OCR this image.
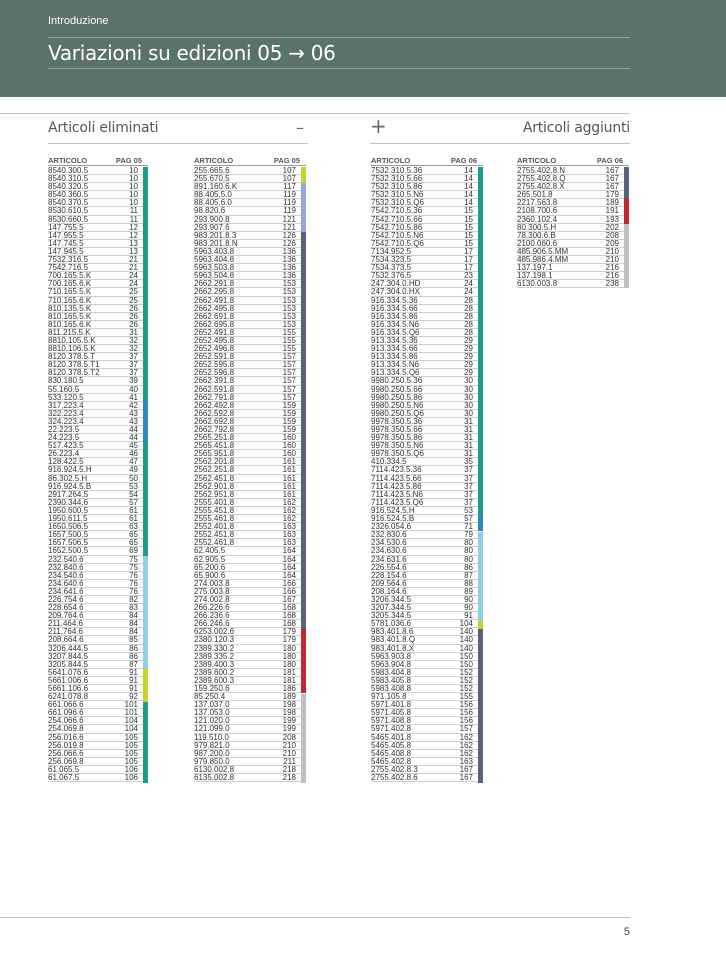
Introduzione
Variazioni su edizioni 05 → 06
Articoli eliminati	–	+	Articoli aggiunti
ARTICOLO	PAG 05
8540.300.5	10
8540.310.5	10
8540.320.5	10
8540.360.5	10
8540.370.5	10
8530.610.5	11
8530.660.5	11
147.755.5	12
147.955.5	12
147.745.5	13
147.945.5	13
7532.316.5	21
7542.716.5	21
700.165.5.K	24
700.165.6.K	24
710.165.5.K	25
710.165.6.K	25
810.135.5.K	26
810.165.5.K	26
810.165.6.K	26
811.215.5.K	31
8810.105.5.K	32
8810.106.5.K	32
8120.378.5.T	37
8120.378.5.T1	37
8120.378.5.T2	37
830.180.5	39
55.160.5	40
533.120.5	41
317.223.4	42
322.223.4	43
324.223.4	43
22.223.5	44
24.223.5	44
517.423.5	45
26.223.4	46
128.422.5	47
916.924.5.H	49
86.302.5.H	50
916.924.5.B	53
2917.264.5	54
2390.344.6	57
1950.600.5	61
1950.611.5	61
1650.506.5	63
1657.500.5	65
1657.506.5	65
1652.500.5	69
232.540.6	75
232.840.6	75
234.540.6	76
234.640.6	76
234.641.6	76
226.754.6	82
228.654.6	83
209.764.6	84
211.464.6	84
211.764.6	84
208.664.6	85
3206.444.5	86
3207.844.5	86
3205.844.5	87
5641.076.6	91
5661.006.6	91
5661.106.6	91
6241.078.8	92
661.066.6	101
661.096.6	101
254.066.6	104
254.069.8	104
256.016.6	105
256.019.8	105
256.066.6	105
256.069.8	105
61.065.5	106
61.067.5	106
ARTICOLO	PAG 05
255.665.6	107
255.670.5	107
891.160.6.K	117
88.405.5.0	119
88.405.6.0	119
98.820.6	119
293.900.8	121
293.907.6	121
983.201.8.3	126
983.201.8.N	126
5963.403.8	136
5963.404.8	136
5963.503.8	136
5963.504.8	136
2662.291.8	153
2662.295.8	153
2662.491.8	153
2662.495.8	153
2662.691.8	153
2662.695.8	153
2652.491.8	155
2652.495.8	155
2652.496.8	155
2652.591.8	157
2652.595.8	157
2652.596.8	157
2662.391.8	157
2662.591.8	157
2662.791.8	157
2662.492.8	159
2662.592.8	159
2662.692.8	159
2662.792.8	159
2565.251.8	160
2565.451.8	160
2565.951.8	160
2562.201.8	161
2562.251.8	161
2562.451.8	161
2562.901.8	161
2562.951.8	161
2555.401.8	162
2555.451.8	162
2555.461.8	162
2552.401.8	163
2552.451.8	163
2552.461.8	163
62.405.5	164
62.905.5	164
65.200.6	164
65.900.6	164
274.003.8	166
275.003.8	166
274.002.8	167
266.226.6	168
266.236.6	168
266.246.6	168
6253.002.6	179
2380.120.3	179
2389.330.2	180
2389.335.2	180
2389.400.3	180
2389.600.2	181
2389.600.3	181
159.250.6	186
85.250.4	189
137.037.0	198
137.053.0	198
121.020.0	199
121.099.0	199
119.510.0	208
979.821.0	210
987.200.0	210
979.850.0	211
6130.002.8	218
6135.002.8	218
ARTICOLO	PAG 06
7532.310.5.36	14
7532.310.5.66	14
7532.310.5.86	14
7532.310.5.N6	14
7532.310.5.Q6	14
7542.710.5.36	15
7542.710.5.66	15
7542.710.5.86	15
7542.710.5.N6	15
7542.710.5.Q6	15
7134.952.5	17
7534.323.5	17
7534.373.5	17
7532.376.5	23
247.304.0.HD	24
247.304.0.HX	24
916.334.5.36	28
916.334.5.66	28
916.334.5.86	28
916.334.5.N6	28
916.334.5.Q6	28
913.334.5.36	29
913.334.5.66	29
913.334.5.86	29
913.334.5.N6	29
913.334.5.Q6	29
9980.250.5.36	30
9980.250.5.66	30
9980.250.5.86	30
9980.250.5.N6	30
9980.250.5.Q6	30
9978.350.5.36	31
9978.350.5.66	31
9978.350.5.86	31
9978.350.5.N6	31
9978.350.5.Q6	31
410.334.5	35
7114.423.5.36	37
7114.423.5.66	37
7114.423.5.86	37
7114.423.5.N6	37
7114.423.5.Q6	37
916.524.5.H	53
916.524.5.B	57
2326.054.6	71
232.830.6	79
234.530.6	80
234.630.6	80
234.631.6	80
226.554.6	86
228.154.6	87
209.564.6	88
208.164.6	89
3206.344.5	90
3207.344.5	90
3205.344.5	91
5781.036.6	104
983.401.8.6	140
983.401.8.Q	140
983.401.8.X	140
5963.903.8	150
5963.904.8	150
5983.404.8	152
5983.405.8	152
5983.408.8	152
971.105.8	155
5971.401.8	156
5971.405.8	156
5971.408.8	156
5971.402.8	157
5465.401.8	162
5465.405.8	162
5465.408.8	162
5465.402.8	163
2755.402.8.3	167
2755.402.8.6	167
ARTICOLO	PAG 06
2755.402.8.N	167
2755.402.8.Q	167
2755.402.8.X	167
265.501.8	179
2217.563.8	189
2108.700.6	191
2360.102.4	193
80.300.5.H	202
78.300.6.B	208
2100.060.6	209
485.906.5.MM	210
485.986.4.MM	210
137.197.1	216
137.198.1	216
6130.003.8	238
5
